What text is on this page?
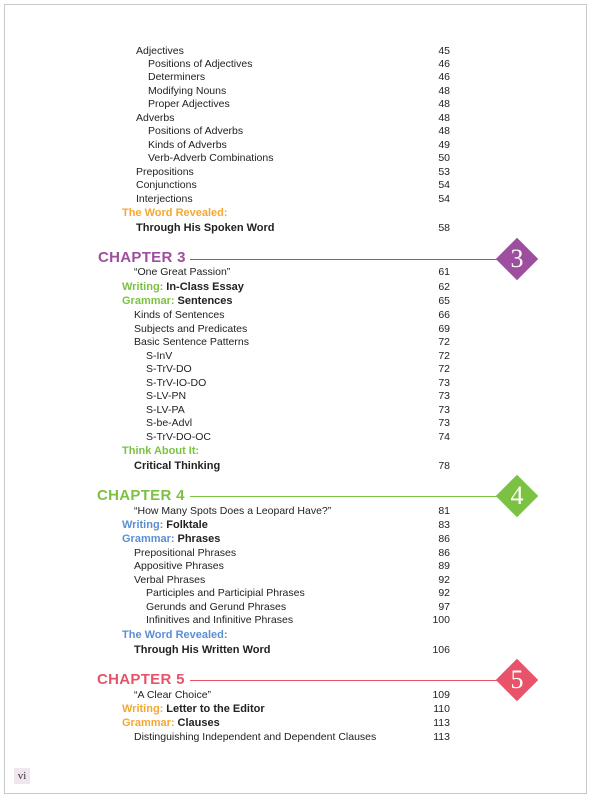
Adjectives	45
Positions of Adjectives	46
Determiners	46
Modifying Nouns	48
Proper Adjectives	48
Adverbs	48
Positions of Adverbs	48
Kinds of Adverbs	49
Verb-Adverb Combinations	50
Prepositions	53
Conjunctions	54
Interjections	54
The Word Revealed:
Through His Spoken Word	58
CHAPTER 3	3
“One Great Passion”	61
Writing: In-Class Essay	62
Grammar: Sentences	65
Kinds of Sentences	66
Subjects and Predicates	69
Basic Sentence Patterns	72
S-InV	72
S-TrV-DO	72
S-TrV-IO-DO	73
S-LV-PN	73
S-LV-PA	73
S-be-Advl	73
S-TrV-DO-OC	74
Think About It:
Critical Thinking	78
CHAPTER 4	4
“How Many Spots Does a Leopard Have?”	81
Writing: Folktale	83
Grammar: Phrases	86
Prepositional Phrases	86
Appositive Phrases	89
Verbal Phrases	92
Participles and Participial Phrases	92
Gerunds and Gerund Phrases	97
Infinitives and Infinitive Phrases	100
The Word Revealed:
Through His Written Word	106
CHAPTER 5	5
“A Clear Choice”	109
Writing: Letter to the Editor	110
Grammar: Clauses	113
Distinguishing Independent and Dependent Clauses	113
vi
